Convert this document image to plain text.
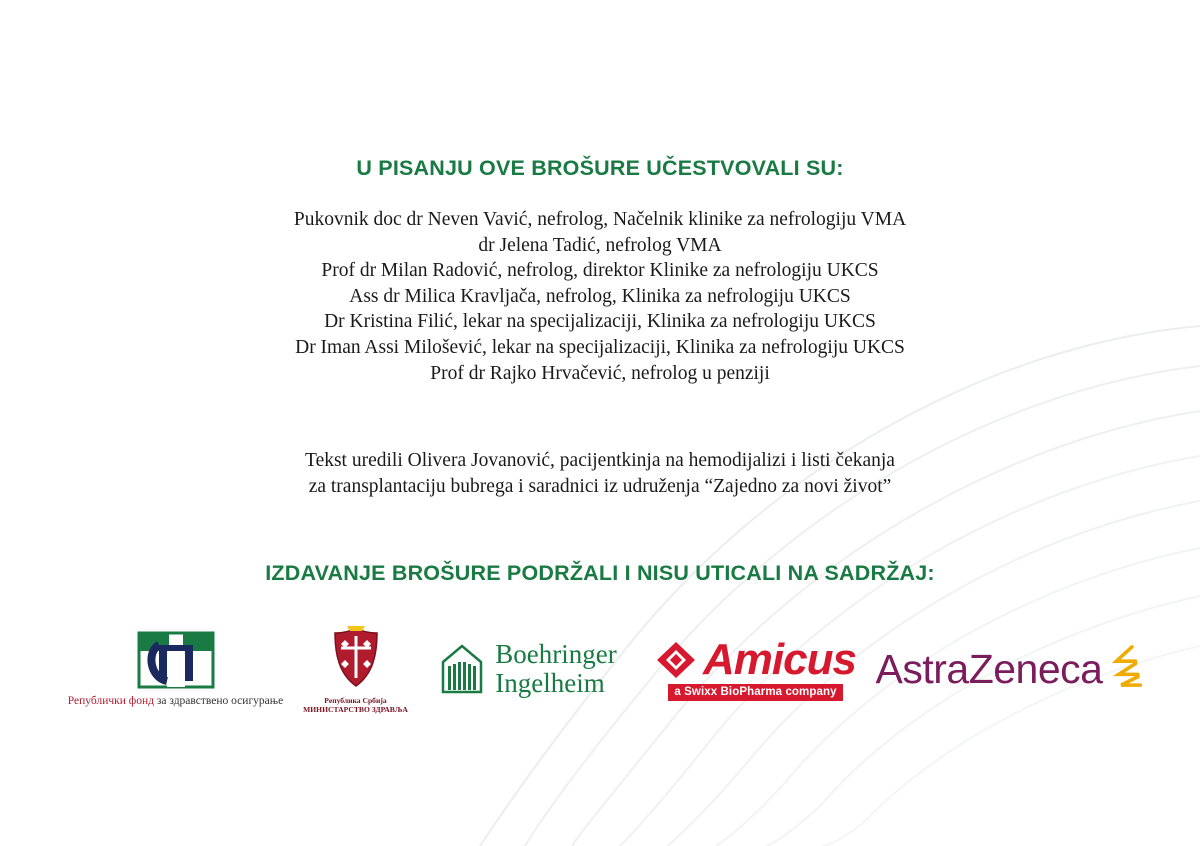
U PISANJU OVE BROŠURE UČESTVOVALI SU:
Pukovnik doc dr Neven Vavić, nefrolog, Načelnik klinike za nefrologiju VMA
dr Jelena Tadić, nefrolog VMA
Prof dr Milan Radović, nefrolog, direktor Klinike za nefrologiju UKCS
Ass dr Milica Kravljača, nefrolog, Klinika za nefrologiju UKCS
Dr Kristina Filić, lekar na specijalizaciji, Klinika za nefrologiju UKCS
Dr Iman Assi Milošević, lekar na specijalizaciji, Klinika za nefrologiju UKCS
Prof dr Rajko Hrvačević, nefrolog u penziji
Tekst uredili Olivera Jovanović, pacijentkinja na hemodijalizi i listi čekanja
za transplantaciju bubrega i saradnici iz udruženja “Zajedno za novi život”
IZDAVANJE BROŠURE PODRŽALI I NISU UTICALI NA SADRŽAJ:
Републички фонд за здравствено осигурање	Република Србија
МИНИСТАРСТВО ЗДРАВЉА
Boehringer
Ingelheim Amicus
a Swixx BioPharma company AstraZeneca
